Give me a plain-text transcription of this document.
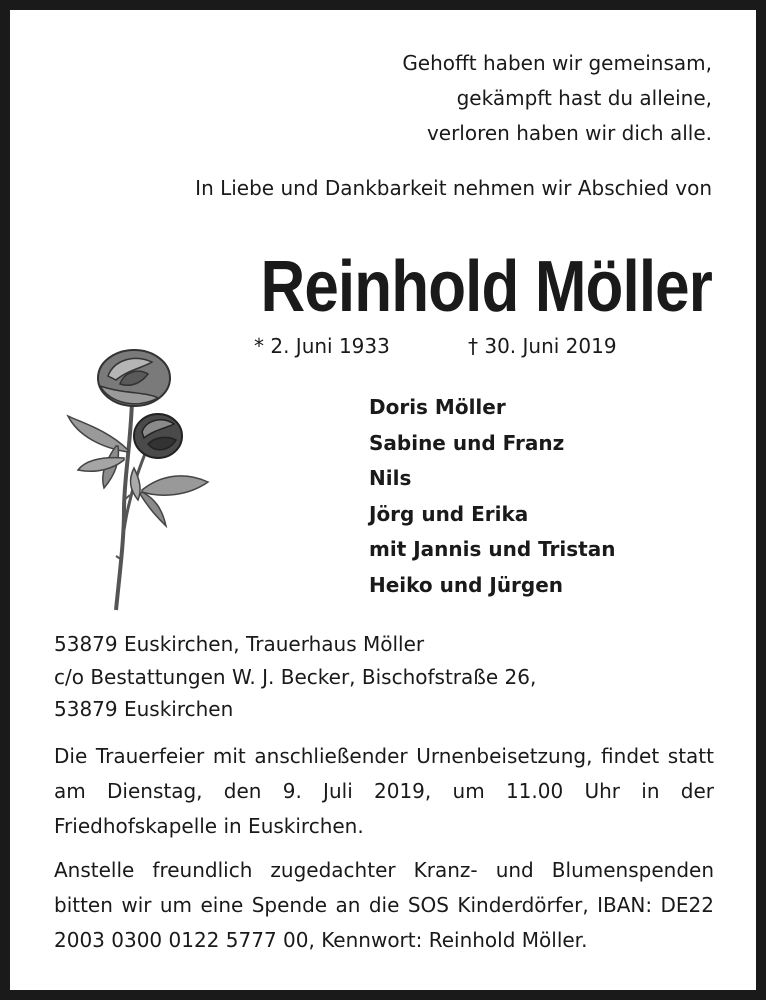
Gehofft haben wir gemeinsam,
gekämpft hast du alleine,
verloren haben wir dich alle.
In Liebe und Dankbarkeit nehmen wir Abschied von
Reinhold Möller
* 2. Juni 1933	† 30. Juni 2019
Doris Möller
Sabine und Franz
Nils
Jörg und Erika
mit Jannis und Tristan
Heiko und Jürgen
53879 Euskirchen, Trauerhaus Möller
c/o Bestattungen W. J. Becker, Bischofstraße 26,
53879 Euskirchen
Die Trauerfeier mit anschließender Urnenbeisetzung, findet statt am Dienstag, den 9. Juli 2019, um 11.00 Uhr in der Friedhofskapelle in Euskirchen.
Anstelle freundlich zugedachter Kranz- und Blumenspenden bitten wir um eine Spende an die SOS Kinderdörfer, IBAN: DE22 2003 0300 0122 5777 00, Kennwort: Reinhold Möller.
